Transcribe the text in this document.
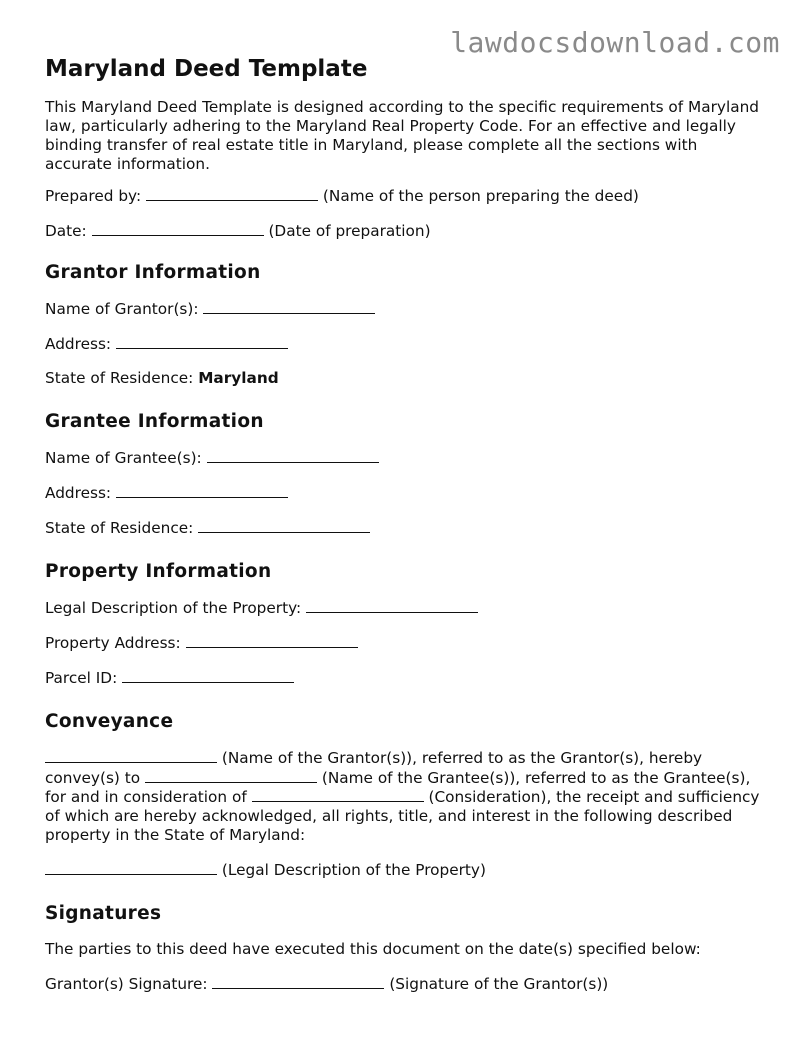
lawdocsdownload.com
Maryland Deed Template

This Maryland Deed Template is designed according to the specific requirements of Maryland law, particularly adhering to the Maryland Real Property Code. For an effective and legally binding transfer of real estate title in Maryland, please complete all the sections with accurate information.

Prepared by:	(Name of the person preparing the deed)
Date:	(Date of preparation)
Grantor Information
Name of Grantor(s):
Address:
State of Residence: Maryland
Grantee Information
Name of Grantee(s):
Address:
State of Residence:
Property Information
Legal Description of the Property:
Property Address:
Parcel ID:
Conveyance

(Name of the Grantor(s)), referred to as the Grantor(s), hereby convey(s) to	(Name of the Grantee(s)), referred to as the Grantee(s), for and in consideration of	(Consideration), the receipt and sufficiency of which are hereby acknowledged, all rights, title, and interest in the following described property in the State of Maryland:

(Legal Description of the Property)
Signatures
The parties to this deed have executed this document on the date(s) specified below:
Grantor(s) Signature:	(Signature of the Grantor(s))
